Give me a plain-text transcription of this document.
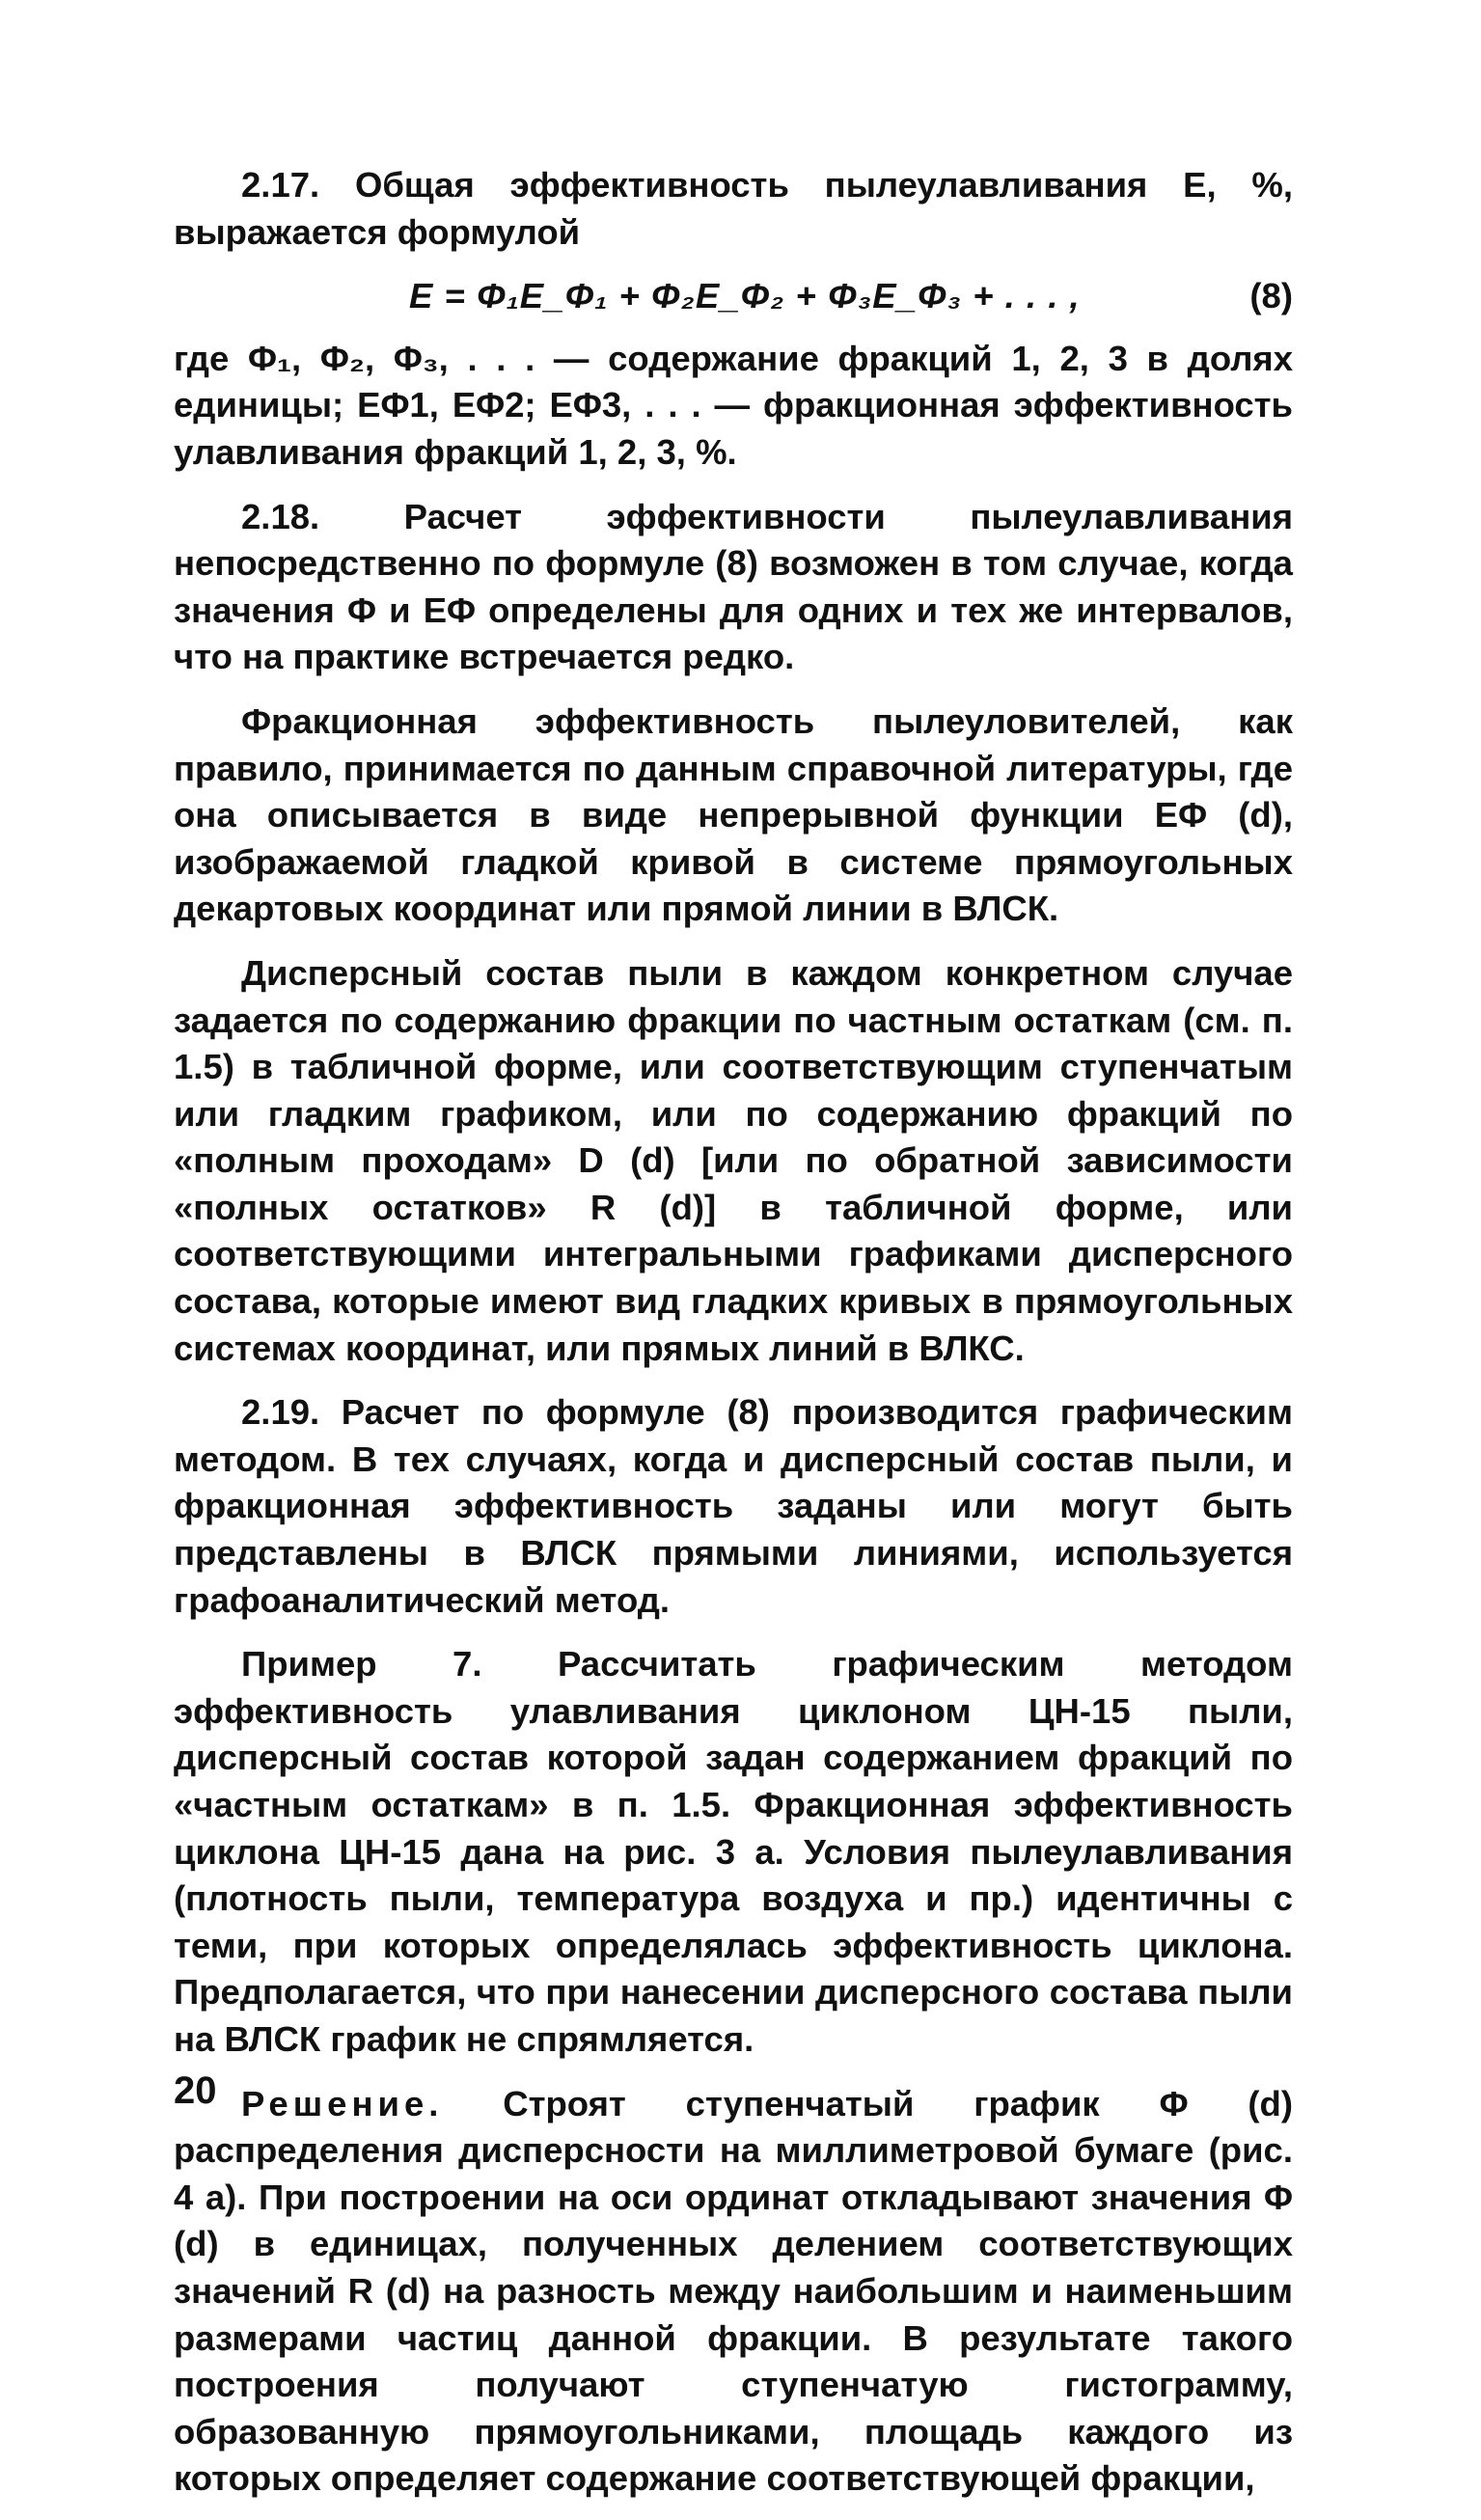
2.17. Общая эффективность пылеулавливания E, %, выражается формулой

E = Φ₁E_Φ₁ + Φ₂E_Φ₂ + Φ₃E_Φ₃ + . . . ,	(8)

где Φ₁, Φ₂, Φ₃, . . . — содержание фракций 1, 2, 3 в долях единицы; EΦ1, EΦ2; EΦ3, . . . — фракционная эффективность улавливания фракций 1, 2, 3, %.

2.18. Расчет эффективности пылеулавливания непосредственно по формуле (8) возможен в том случае, когда значения Φ и EΦ определены для одних и тех же интервалов, что на практике встречается редко.

Фракционная эффективность пылеуловителей, как правило, принимается по данным справочной литературы, где она описывается в виде непрерывной функции EΦ (d), изображаемой гладкой кривой в системе прямоугольных декартовых координат или прямой линии в ВЛСК.

Дисперсный состав пыли в каждом конкретном случае задается по содержанию фракции по частным остаткам (см. п. 1.5) в табличной форме, или соответствующим ступенчатым или гладким графиком, или по содержанию фракций по «полным проходам» D (d) [или по обратной зависимости «полных остатков» R (d)] в табличной форме, или соответствующими интегральными графиками дисперсного состава, которые имеют вид гладких кривых в прямоугольных системах координат, или прямых линий в ВЛКС.

2.19. Расчет по формуле (8) производится графическим методом. В тех случаях, когда и дисперсный состав пыли, и фракционная эффективность заданы или могут быть представлены в ВЛСК прямыми линиями, используется графоаналитический метод.

Пример 7. Рассчитать графическим методом эффективность улавливания циклоном ЦН-15 пыли, дисперсный состав которой задан содержанием фракций по «частным остаткам» в п. 1.5. Фракционная эффективность циклона ЦН-15 дана на рис. 3 а. Условия пылеулавливания (плотность пыли, температура воздуха и пр.) идентичны с теми, при которых определялась эффективность циклона. Предполагается, что при нанесении дисперсного состава пыли на ВЛСК график не спрямляется.

Решение. Строят ступенчатый график Φ (d) распределения дисперсности на миллиметровой бумаге (рис. 4 а). При построении на оси ординат откладывают значения Φ (d) в единицах, полученных делением соответствующих значений R (d) на разность между наибольшим и наименьшим размерами частиц данной фракции. В результате такого построения получают ступенчатую гистограмму, образованную прямоугольниками, площадь каждого из которых определяет содержание соответствующей фракции,

20
